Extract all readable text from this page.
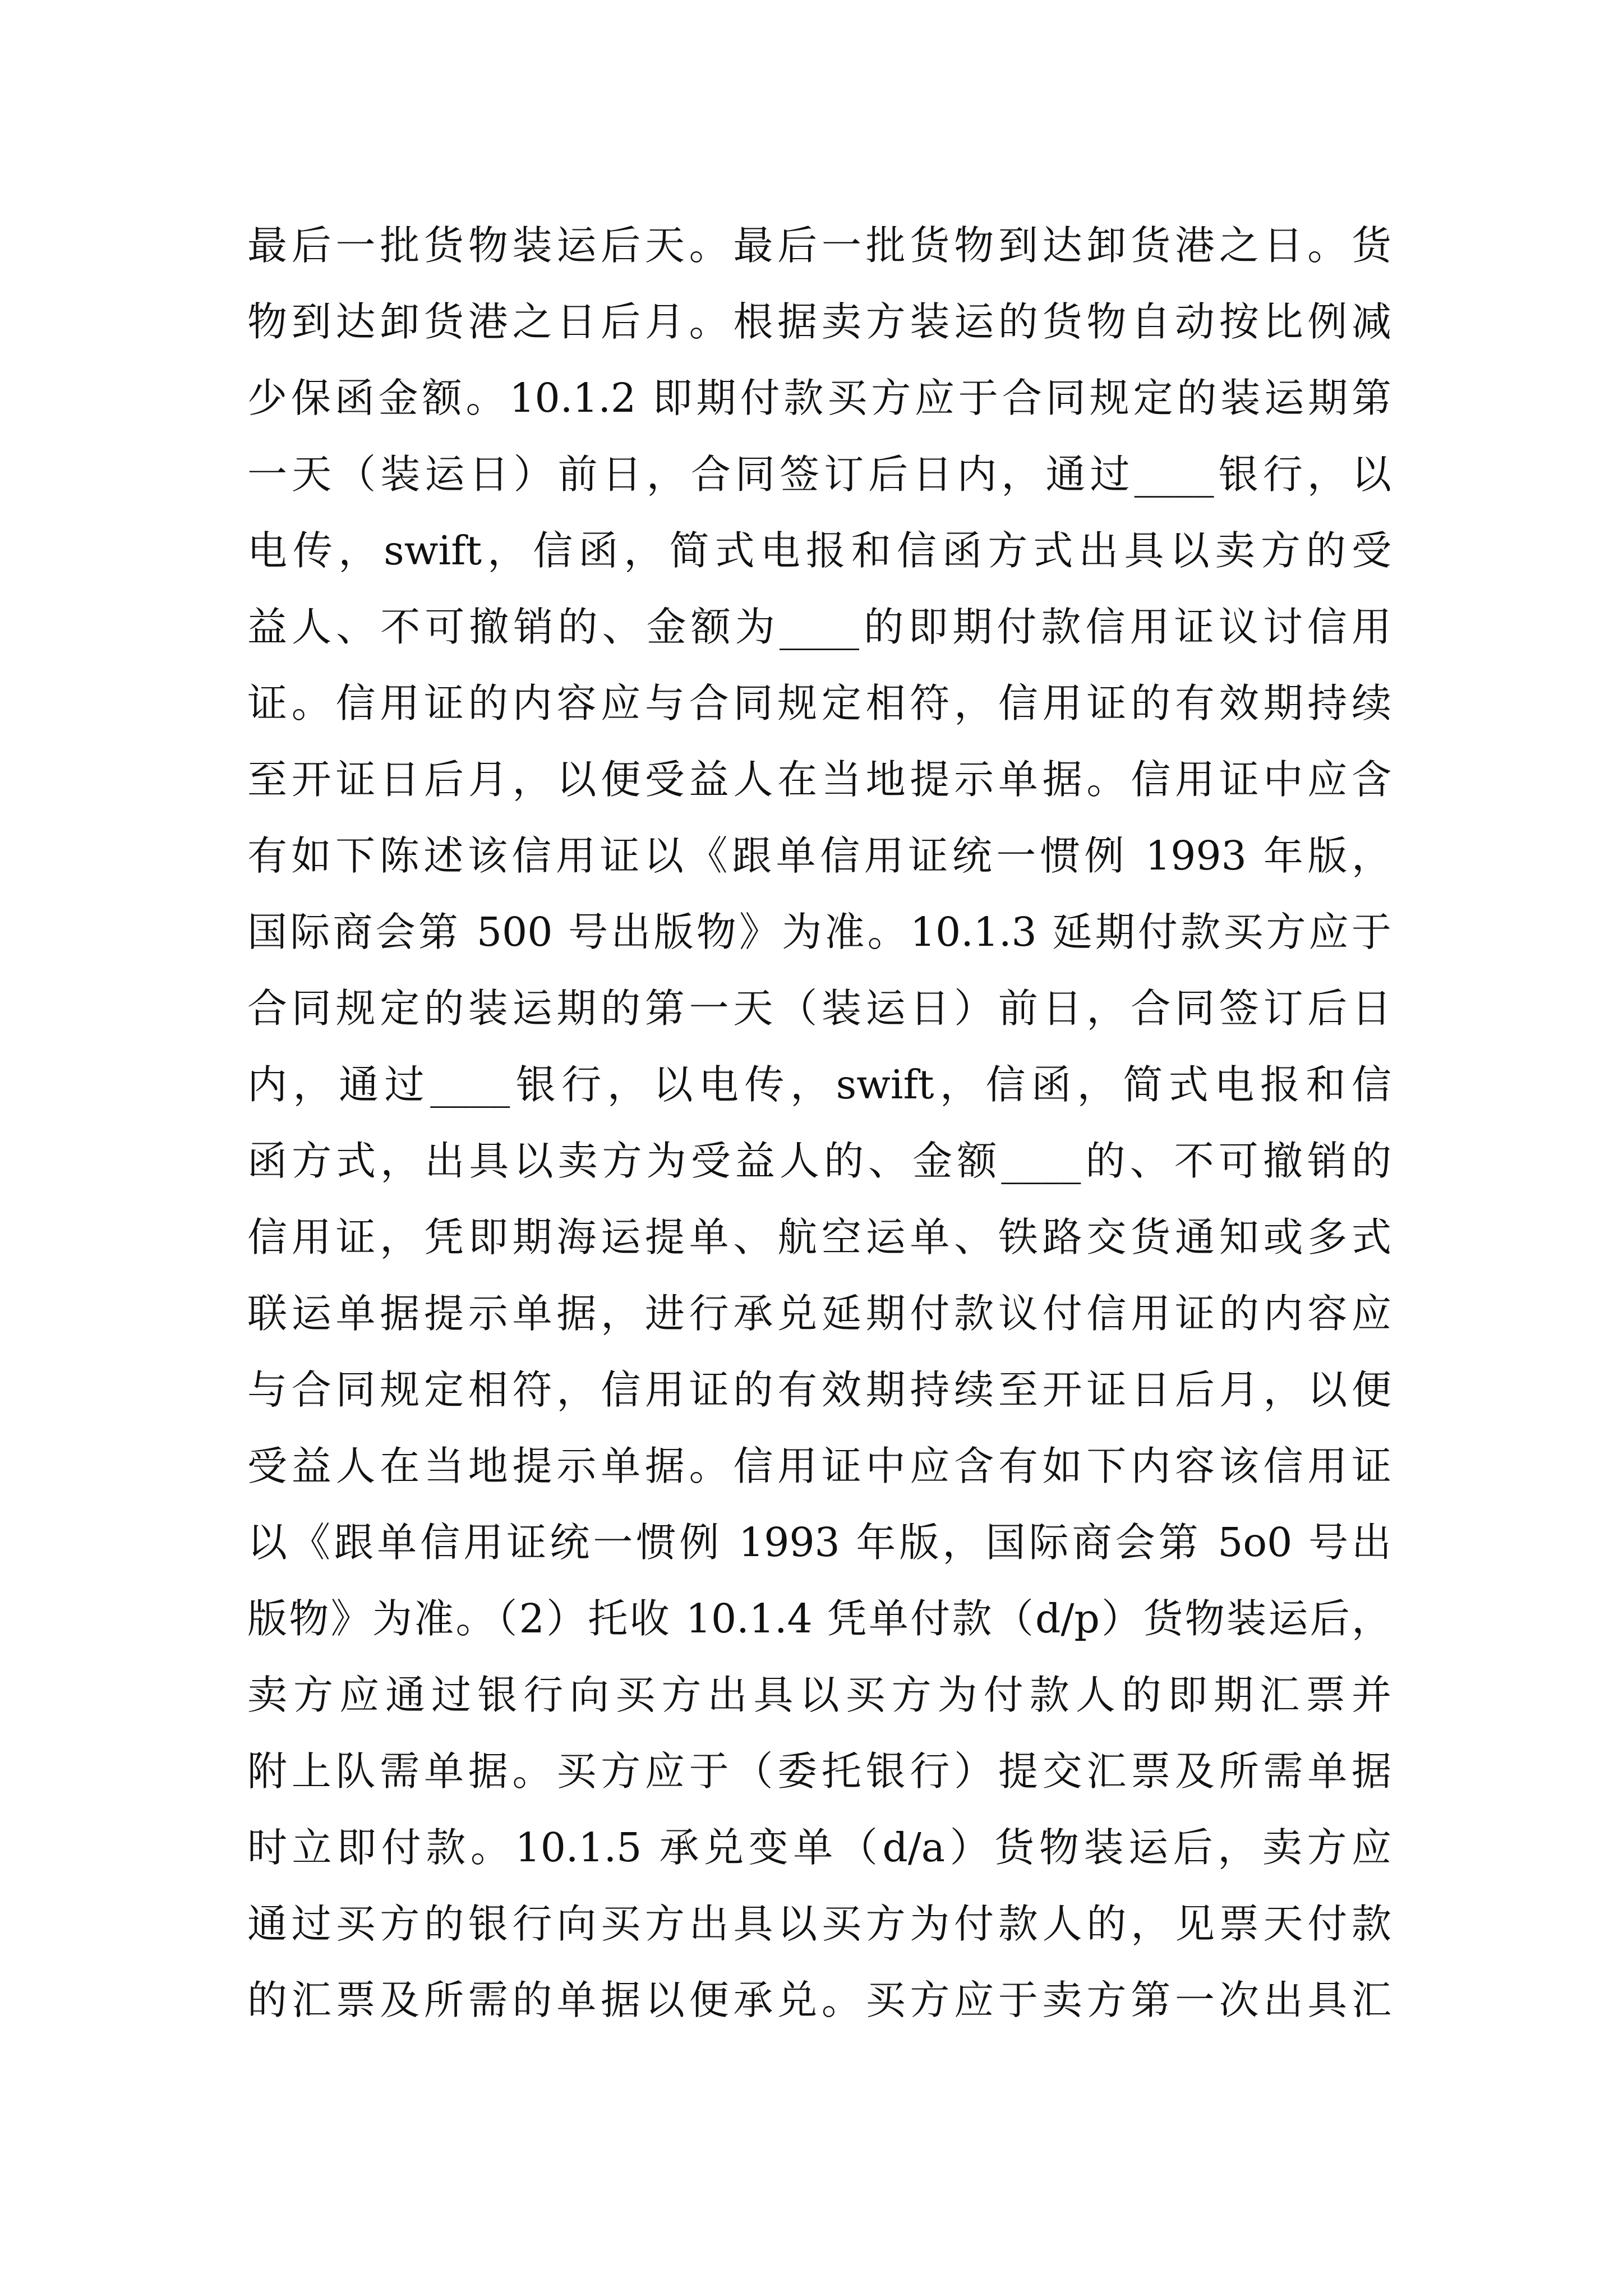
最后一批货物装运后天。最后一批货物到达卸货港之日。货
物到达卸货港之日后月。根据卖方装运的货物自动按比例减
少保函金额。10.1.2 即期付款买方应于合同规定的装运期第
一天（装运日）前日，合同签订后日内，通过____银行，以
电传，swift，信函，简式电报和信函方式出具以卖方的受
益人、不可撤销的、金额为____的即期付款信用证议讨信用
证。信用证的内容应与合同规定相符，信用证的有效期持续
至开证日后月，以便受益人在当地提示单据。信用证中应含
有如下陈述该信用证以《跟单信用证统一惯例 1993 年版，
国际商会第 500 号出版物》为准。10.1.3 延期付款买方应于
合同规定的装运期的第一天（装运日）前日，合同签订后日
内，通过____银行，以电传，swift，信函，简式电报和信
函方式，出具以卖方为受益人的、金额____的、不可撤销的
信用证，凭即期海运提单、航空运单、铁路交货通知或多式
联运单据提示单据，进行承兑延期付款议付信用证的内容应
与合同规定相符，信用证的有效期持续至开证日后月，以便
受益人在当地提示单据。信用证中应含有如下内容该信用证
以《跟单信用证统一惯例 1993 年版，国际商会第 5o0 号出
版物》为准。（2）托收 10.1.4 凭单付款（d/p）货物装运后，
卖方应通过银行向买方出具以买方为付款人的即期汇票并
附上队需单据。买方应于（委托银行）提交汇票及所需单据
时立即付款。10.1.5 承兑变单（d/a）货物装运后，卖方应
通过买方的银行向买方出具以买方为付款人的，见票天付款
的汇票及所需的单据以便承兑。买方应于卖方第一次出具汇
